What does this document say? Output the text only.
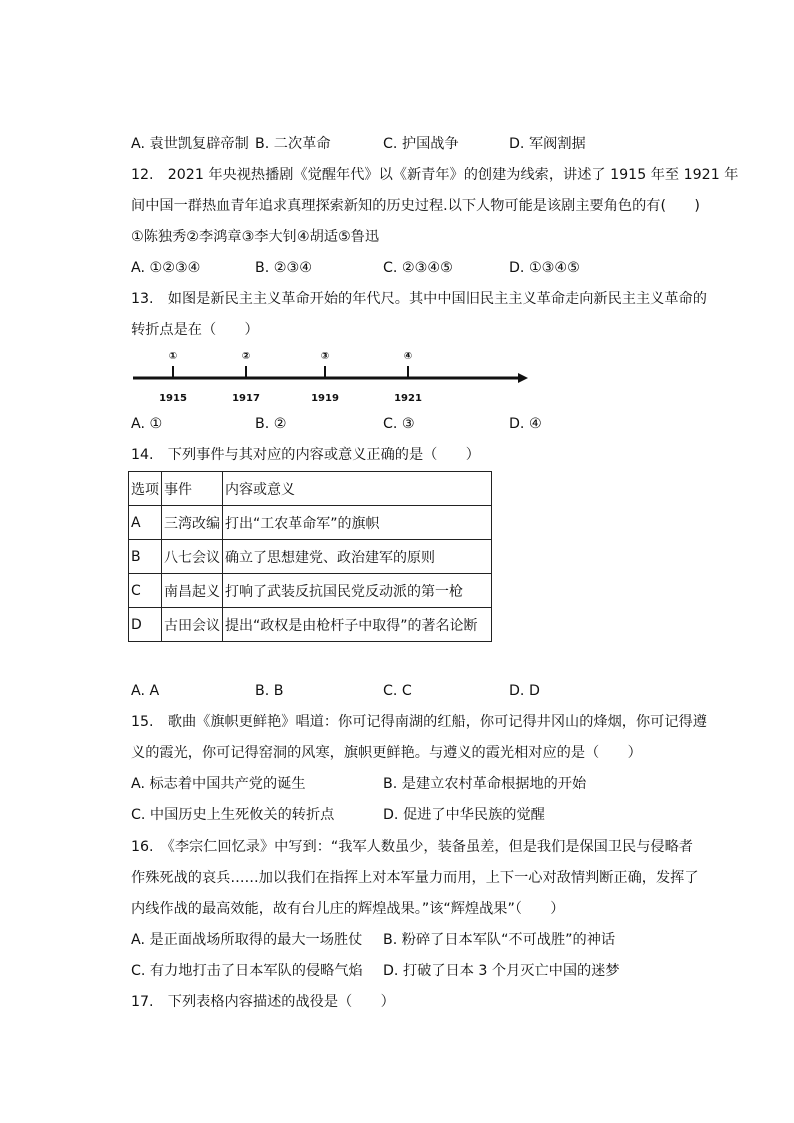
A. 袁世凯复辟帝制 B. 二次革命	C. 护国战争	D. 军阀割据
12.　2021 年央视热播剧《觉醒年代》以《新青年》的创建为线索，讲述了 1915 年至 1921 年
间中国一群热血青年追求真理探索新知的历史过程.以下人物可能是该剧主要角色的有(　　)
①陈独秀②李鸿章③李大钊④胡适⑤鲁迅
A. ①②③④	B. ②③④	C. ②③④⑤	D. ①③④⑤
13.　如图是新民主主义革命开始的年代尺。其中中国旧民主主义革命走向新民主主义革命的
转折点是在（　　）
①
1915
②
1917
③
1919
④
1921
A. ①	B. ②	C. ③	D. ④
14.　下列事件与其对应的内容或意义正确的是（　　）
选项	事件	内容或意义
A	三湾改编	打出“工农革命军”的旗帜
B	八七会议	确立了思想建党、政治建军的原则
C	南昌起义	打响了武装反抗国民党反动派的第一枪
D	古田会议	提出“政权是由枪杆子中取得”的著名论断
A. A	B. B	C. C	D. D
15.　歌曲《旗帜更鲜艳》唱道：你可记得南湖的红船，你可记得井冈山的烽烟，你可记得遵
义的霞光，你可记得窑洞的风寒，旗帜更鲜艳。与遵义的霞光相对应的是（　　）
A. 标志着中国共产党的诞生	B. 是建立农村革命根据地的开始
C. 中国历史上生死攸关的转折点	D. 促进了中华民族的觉醒
16.　《李宗仁回忆录》中写到：“我军人数虽少，装备虽差，但是我们是保国卫民与侵略者
作殊死战的哀兵……加以我们在指挥上对本军量力而用，上下一心对敌情判断正确，发挥了
内线作战的最高效能，故有台儿庄的辉煌战果。”该“辉煌战果”（　　）
A. 是正面战场所取得的最大一场胜仗 B. 粉碎了日本军队“不可战胜”的神话
C. 有力地打击了日本军队的侵略气焰 D. 打破了日本 3 个月灭亡中国的迷梦
17.　下列表格内容描述的战役是（　　）
